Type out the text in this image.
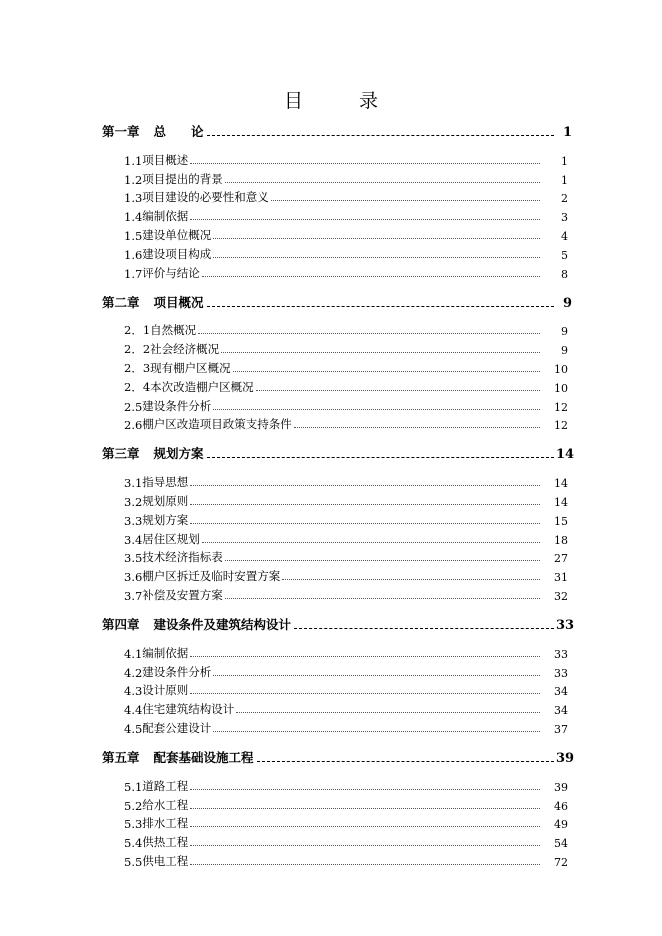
目	录
第一章 总　　论	1
1.1 项目概述	1
1.2 项目提出的背景	1
1.3 项目建设的必要性和意义	2
1.4 编制依据	3
1.5 建设单位概况	4
1.6 建设项目构成	5
1.7 评价与结论	8
第二章 项目概况	9
2．1 自然概况	9
2．2 社会经济概况	9
2．3 现有棚户区概况	10
2．4 本次改造棚户区概况	10
2.5 建设条件分析	12
2.6 棚户区改造项目政策支持条件	12
第三章 规划方案	14
3.1 指导思想	14
3.2 规划原则	14
3.3 规划方案	15
3.4 居住区规划	18
3.5 技术经济指标表	27
3.6 棚户区拆迁及临时安置方案	31
3.7 补偿及安置方案	32
第四章 建设条件及建筑结构设计	33
4.1 编制依据	33
4.2 建设条件分析	33
4.3 设计原则	34
4.4 住宅建筑结构设计	34
4.5 配套公建设计	37
第五章 配套基础设施工程	39
5.1 道路工程	39
5.2 给水工程	46
5.3 排水工程	49
5.4 供热工程	54
5.5 供电工程	72
